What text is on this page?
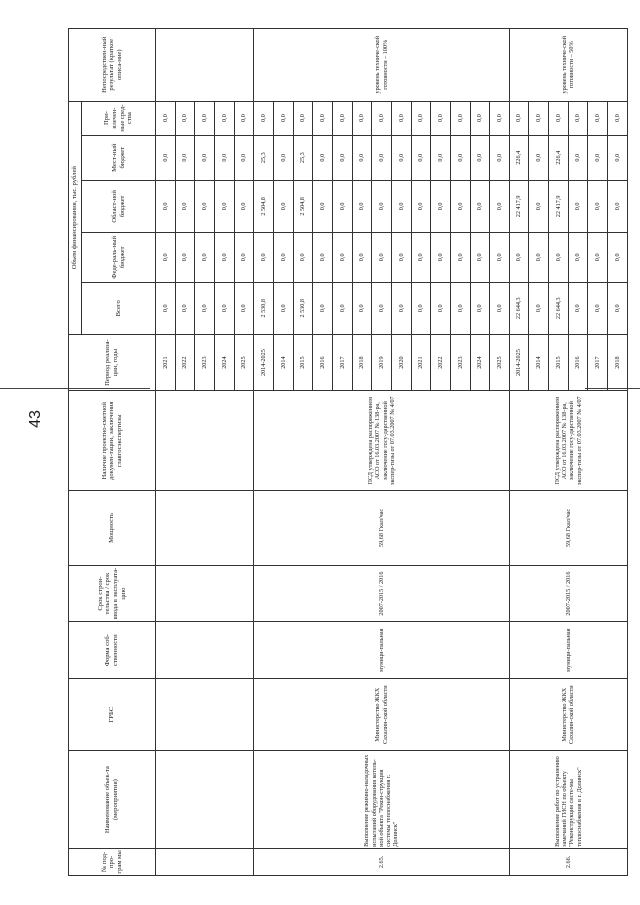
43
№ под-про-грам мы	Наименование объек-та (мероприятия)	ГРБС	Форма соб-ственности	Срок строи-тельства / срок ввода в эксплуата-цию	Мощность	Наличие проектно-сметной докумен-тации, заключения главгосэкспертизы	Период реализа-ции, годы	Объем финансирования, тыс. рублей					Непосредствен-ный результат (краткое описа-ние)
								Всего	Феде-раль-ный бюджет	Област-ной бюджет	Мест-ный бюджет	При-влечен-ные сред-ства	
							2021	0,0	0,0	0,0	0,0	0,0	
							2022	0,0	0,0	0,0	0,0	0,0	
							2023	0,0	0,0	0,0	0,0	0,0	
							2024	0,0	0,0	0,0	0,0	0,0	
							2025	0,0	0,0	0,0	0,0	0,0	
2.65.	Выполнение режимно-наладочных испытаний оборудования котель-ной объекта "Рекон-струкция системы теплоснабжения г. Долинск"	Министерство ЖКХ Сахалин-ской области	муници-пальная	2007-2015 / 2016	59,68 Гкал/час	ПСД утверждена распоряжением АСО от 16.03.2007 № 138-ра, заключение госу-дарственной экспер-тизы от 07.03.2007 № 4/07	2014-2025	2 530,8	0,0	2 504,8	25,3	0,0	уровень техниче-ской готовности – 100%
							2014	0,0	0,0	0,0	0,0	0,0	
							2015	2 530,8	0,0	2 504,8	25,3	0,0	
							2016	0,0	0,0	0,0	0,0	0,0	
							2017	0,0	0,0	0,0	0,0	0,0	
							2018	0,0	0,0	0,0	0,0	0,0	
							2019	0,0	0,0	0,0	0,0	0,0	
							2020	0,0	0,0	0,0	0,0	0,0	
							2021	0,0	0,0	0,0	0,0	0,0	
							2022	0,0	0,0	0,0	0,0	0,0	
							2023	0,0	0,0	0,0	0,0	0,0	
							2024	0,0	0,0	0,0	0,0	0,0	
							2025	0,0	0,0	0,0	0,0	0,0	
2.66.	Выполнение работ по устранению замечаний ГИСН по объекту "Реконструкция систе-мы теплоснабжения в г. Долинск"	Министерство ЖКХ Сахалин-ской области	муници-пальная	2007-2015 / 2016	59,68 Гкал/час	ПСД утверждена распоряжением АСО от 16.03.2007 № 138-ра, заключение госу-дарственной экспер-тизы от 07.03.2007 № 4/07	2014-2025	22 644,3	0,0	22 417,9	226,4	0,0	уровень техниче-ской готовности – 50%
							2014	0,0	0,0	0,0	0,0	0,0	
							2015	22 644,3	0,0	22 417,9	226,4	0,0	
							2016	0,0	0,0	0,0	0,0	0,0	
							2017	0,0	0,0	0,0	0,0	0,0	
							2018	0,0	0,0	0,0	0,0	0,0	
